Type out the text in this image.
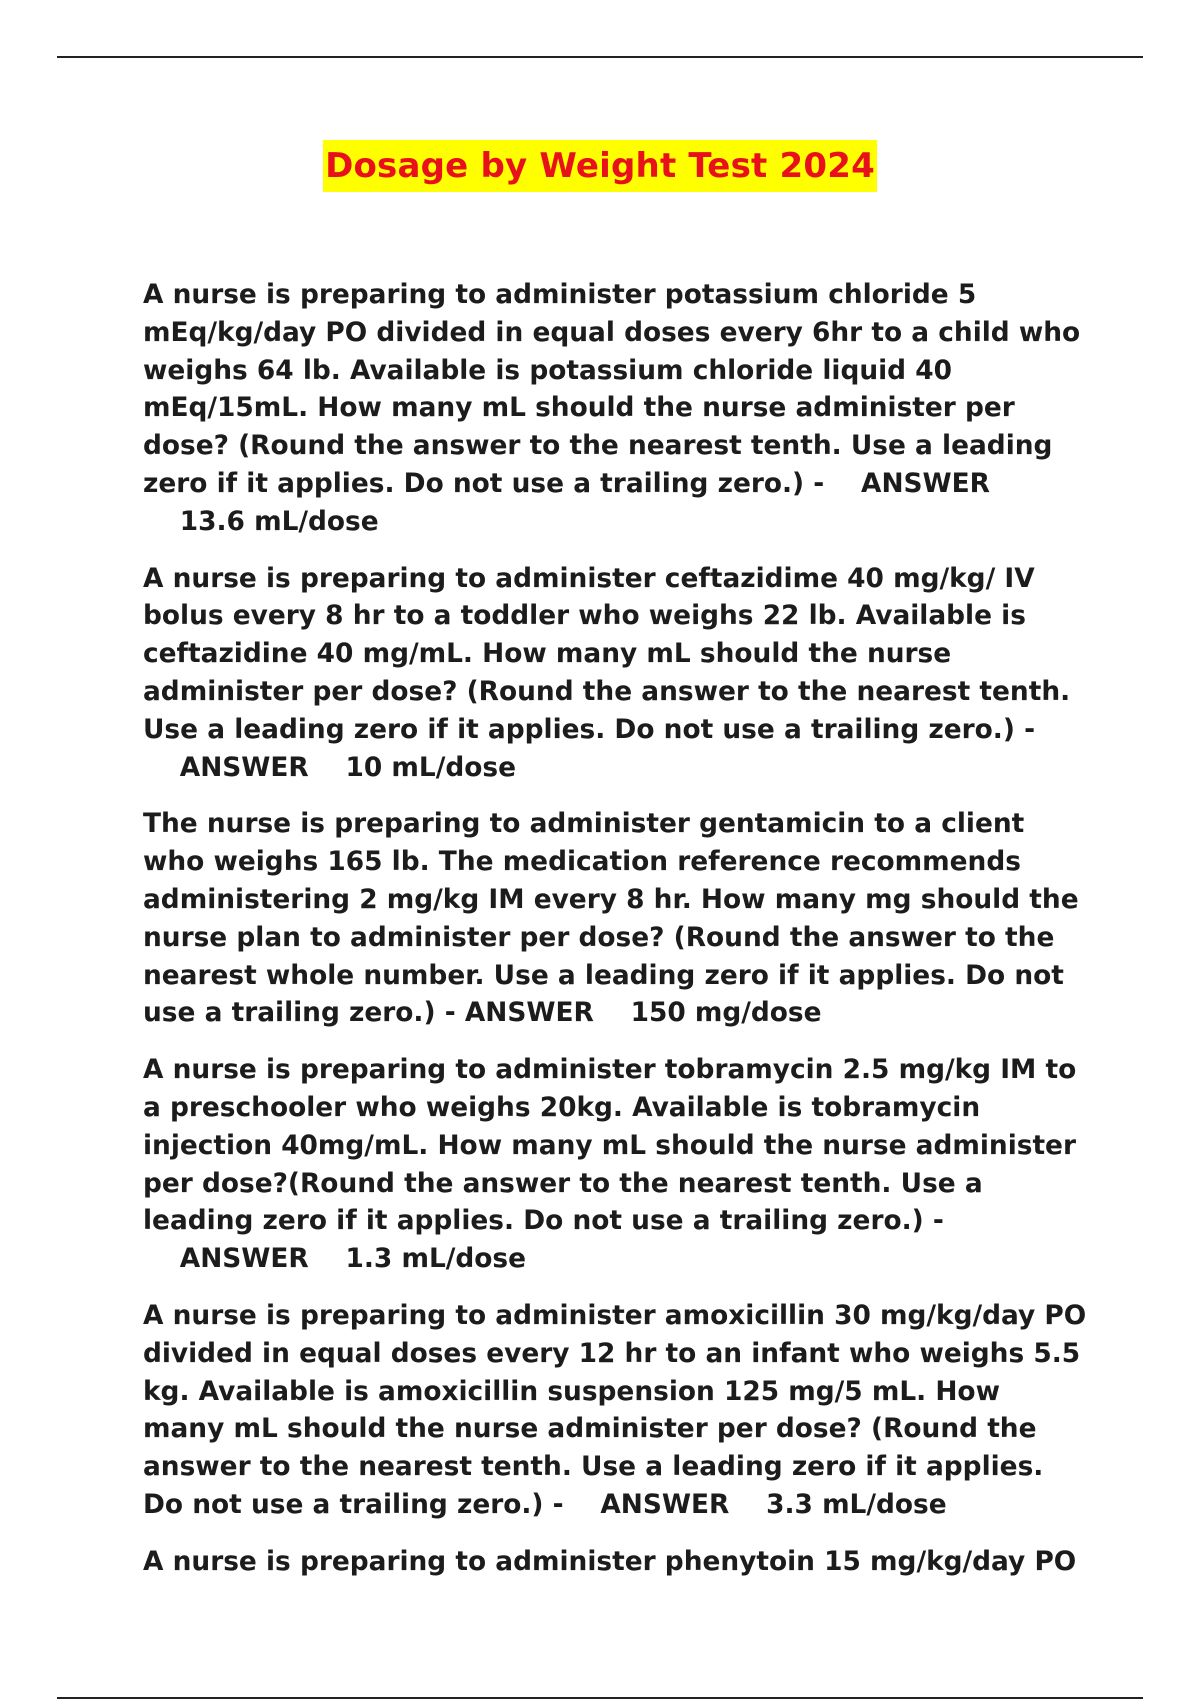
Dosage by Weight Test 2024

A nurse is preparing to administer potassium chloride 5 mEq/kg/day PO divided in equal doses every 6hr to a child who weighs 64 lb. Available is potassium chloride liquid 40 mEq/15mL. How many mL should the nurse administer per dose? (Round the answer to the nearest tenth. Use a leading zero if it applies. Do not use a trailing zero.) - ANSWER    13.6 mL/dose

A nurse is preparing to administer ceftazidime 40 mg/kg/ IV bolus every 8 hr to a toddler who weighs 22 lb. Available is ceftazidine 40 mg/mL. How many mL should the nurse administer per dose? (Round the answer to the nearest tenth. Use a leading zero if it applies. Do not use a trailing zero.) -    ANSWER 10 mL/dose

The nurse is preparing to administer gentamicin to a client who weighs 165 lb. The medication reference recommends administering 2 mg/kg IM every 8 hr. How many mg should the nurse plan to administer per dose? (Round the answer to the nearest whole number. Use a leading zero if it applies. Do not use a trailing zero.) - ANSWER 150 mg/dose

A nurse is preparing to administer tobramycin 2.5 mg/kg IM to a preschooler who weighs 20kg. Available is tobramycin injection 40mg/mL. How many mL should the nurse administer per dose?(Round the answer to the nearest tenth. Use a leading zero if it applies. Do not use a trailing zero.) -    ANSWER 1.3 mL/dose

A nurse is preparing to administer amoxicillin 30 mg/kg/day PO divided in equal doses every 12 hr to an infant who weighs 5.5 kg. Available is amoxicillin suspension 125 mg/5 mL. How many mL should the nurse administer per dose? (Round the answer to the nearest tenth. Use a leading zero if it applies. Do not use a trailing zero.) - ANSWER 3.3 mL/dose

A nurse is preparing to administer phenytoin 15 mg/kg/day PO
